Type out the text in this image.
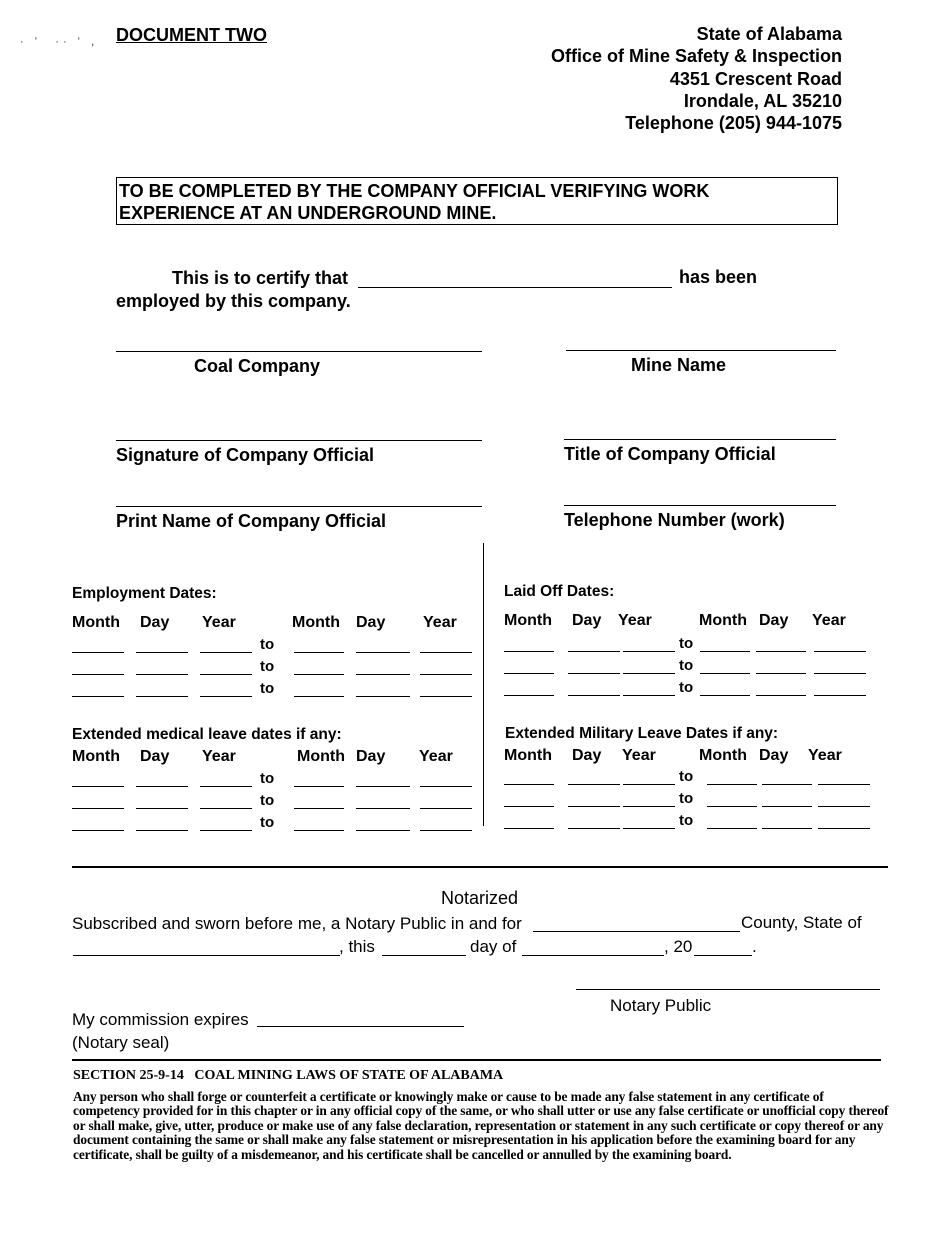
· ʻ  ·· ʻ , DOCUMENT TWO	State of Alabama
Office of Mine Safety & Inspection
4351 Crescent Road
Irondale, AL 35210
Telephone (205) 944-1075
TO BE COMPLETED BY THE COMPANY OFFICIAL VERIFYING WORK
EXPERIENCE AT AN UNDERGROUND MINE.
This is to certify that	has been
employed by this company.
Coal Company	Mine Name
Signature of Company Official	Title of Company Official
Print Name of Company Official	Telephone Number (work)
Employment Dates:
Month Day Year	Month Day Year
to
to
to
Laid Off Dates:
Month Day Year	Month Day Year
to
to
to
Extended medical leave dates if any:
Month Day Year	Month Day Year
to
to
to
Extended Military Leave Dates if any:
Month Day Year	Month Day Year
to
to
to
Notarized
Subscribed and sworn before me, a Notary Public in and for	County, State of
, this	day of	, 20	.
Notary Public
My commission expires
(Notary seal)
SECTION 25-9-14   COAL MINING LAWS OF STATE OF ALABAMA
Any person who shall forge or counterfeit a certificate or knowingly make or cause to be made any false statement in any certificate of competency provided for in this chapter or in any official copy of the same, or who shall utter or use any false certificate or unofficial copy thereof or shall make, give, utter, produce or make use of any false declaration, representation or statement in any such certificate or copy thereof or any document containing the same or shall make any false statement or misrepresentation in his application before the examining board for any certificate, shall be guilty of a misdemeanor, and his certificate shall be cancelled or annulled by the examining board.
